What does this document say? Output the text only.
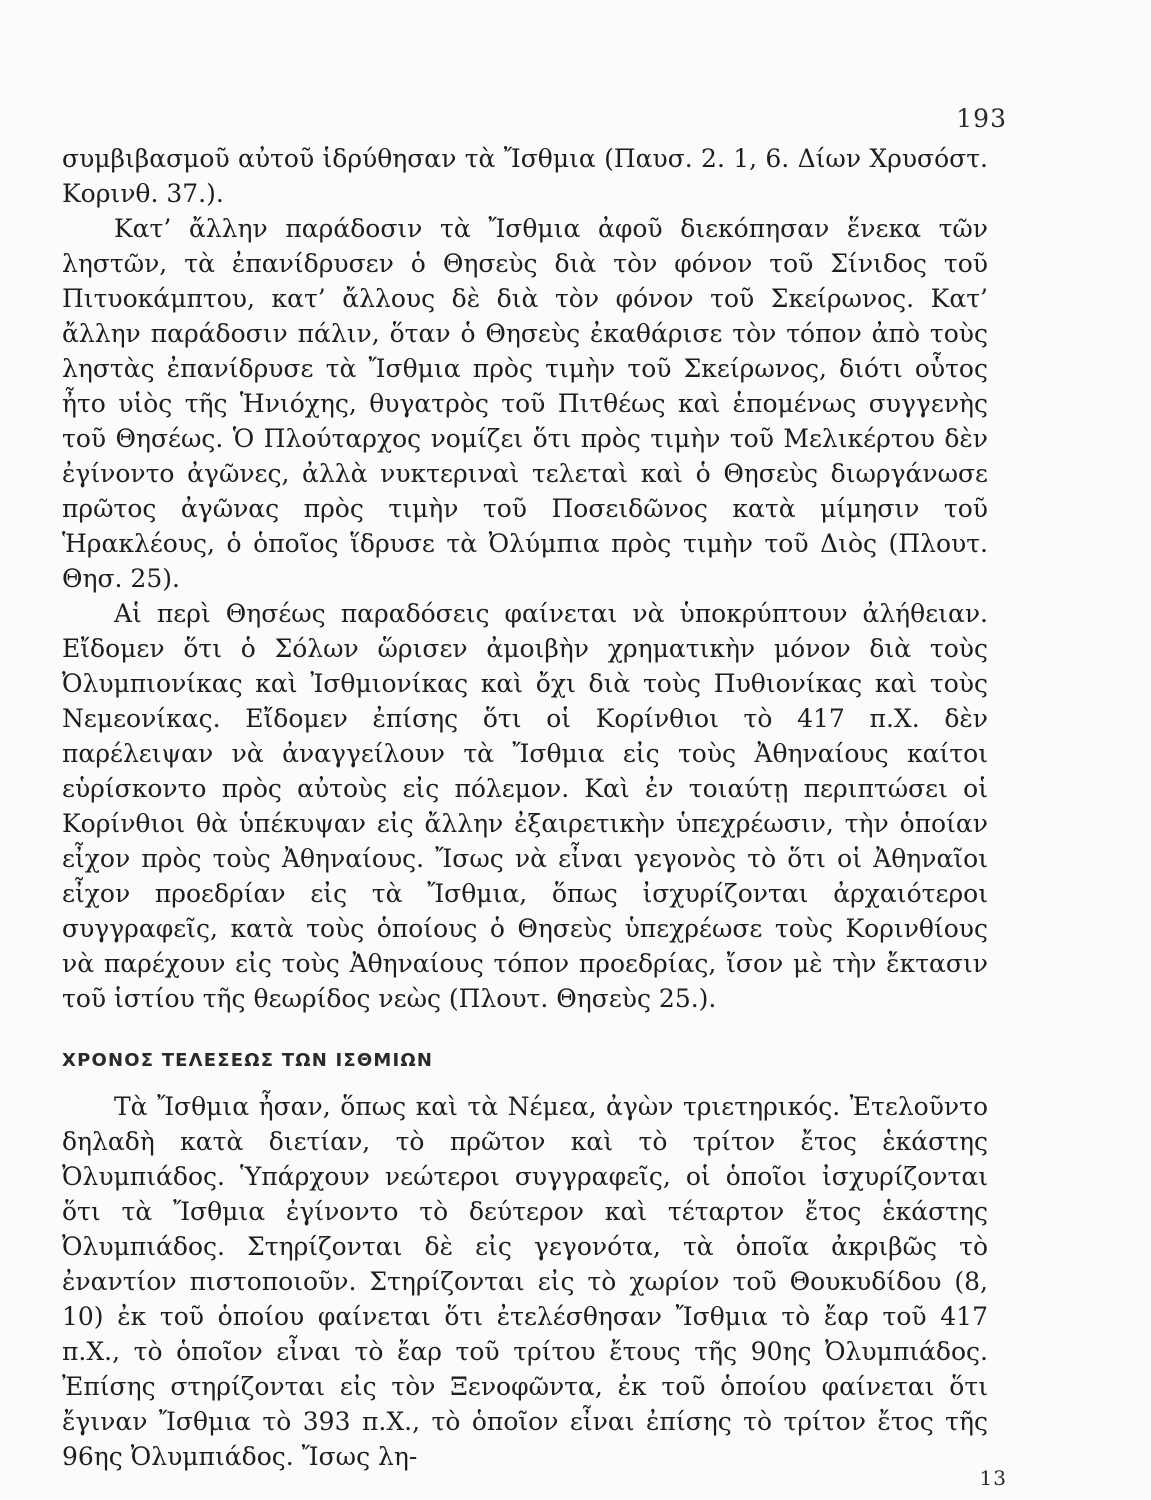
193

συμβιβασμοῦ αὐτοῦ ἱδρύθησαν τὰ Ἴσθμια (Παυσ. 2. 1, 6. Δίων Χρυσόστ. Κορινθ. 37.).

Κατ’ ἄλλην παράδοσιν τὰ Ἴσθμια ἀφοῦ διεκόπησαν ἕνεκα τῶν ληστῶν, τὰ ἐπανίδρυσεν ὁ Θησεὺς διὰ τὸν φόνον τοῦ Σίνιδος τοῦ Πιτυοκάμπτου, κατ’ ἄλλους δὲ διὰ τὸν φόνον τοῦ Σκείρωνος. Κατ’ ἄλλην παράδοσιν πάλιν, ὅταν ὁ Θησεὺς ἐκαθάρισε τὸν τόπον ἀπὸ τοὺς ληστὰς ἐπανίδρυσε τὰ Ἴσθμια πρὸς τιμὴν τοῦ Σκείρωνος, διότι οὗτος ἦτο υἱὸς τῆς Ἡνιόχης, θυγατρὸς τοῦ Πιτθέως καὶ ἑπομένως συγγενὴς τοῦ Θησέως. Ὁ Πλούταρχος νομίζει ὅτι πρὸς τιμὴν τοῦ Μελικέρτου δὲν ἐγίνοντο ἀγῶνες, ἀλλὰ νυκτεριναὶ τελεταὶ καὶ ὁ Θησεὺς διωργάνωσε πρῶτος ἀγῶνας πρὸς τιμὴν τοῦ Ποσειδῶνος κατὰ μίμησιν τοῦ Ἡρακλέους, ὁ ὁποῖος ἵδρυσε τὰ Ὀλύμπια πρὸς τιμὴν τοῦ Διὸς (Πλουτ. Θησ. 25).

Αἱ περὶ Θησέως παραδόσεις φαίνεται νὰ ὑποκρύπτουν ἀλήθειαν. Εἴδομεν ὅτι ὁ Σόλων ὥρισεν ἀμοιβὴν χρηματικὴν μόνον διὰ τοὺς Ὀλυμπιονίκας καὶ Ἰσθμιονίκας καὶ ὄχι διὰ τοὺς Πυθιονίκας καὶ τοὺς Νεμεονίκας. Εἴδομεν ἐπίσης ὅτι οἱ Κορίνθιοι τὸ 417 π.Χ. δὲν παρέλειψαν νὰ ἀναγγείλουν τὰ Ἴσθμια εἰς τοὺς Ἀθηναίους καίτοι εὑρίσκοντο πρὸς αὐτοὺς εἰς πόλεμον. Καὶ ἐν τοιαύτῃ περιπτώσει οἱ Κορίνθιοι θὰ ὑπέκυψαν εἰς ἄλλην ἐξαιρετικὴν ὑπεχρέωσιν, τὴν ὁποίαν εἶχον πρὸς τοὺς Ἀθηναίους. Ἴσως νὰ εἶναι γεγονὸς τὸ ὅτι οἱ Ἀθηναῖοι εἶχον προεδρίαν εἰς τὰ Ἴσθμια, ὅπως ἰσχυρίζονται ἀρχαιότεροι συγγραφεῖς, κατὰ τοὺς ὁποίους ὁ Θησεὺς ὑπεχρέωσε τοὺς Κορινθίους νὰ παρέχουν εἰς τοὺς Ἀθηναίους τόπον προεδρίας, ἴσον μὲ τὴν ἔκτασιν τοῦ ἱστίου τῆς θεωρίδος νεὼς (Πλουτ. Θησεὺς 25.).

ΧΡΟΝΟΣ ΤΕΛΕΣΕΩΣ ΤΩΝ ΙΣΘΜΙΩΝ

Τὰ Ἴσθμια ἦσαν, ὅπως καὶ τὰ Νέμεα, ἀγὼν τριετηρικός. Ἐτελοῦντο δηλαδὴ κατὰ διετίαν, τὸ πρῶτον καὶ τὸ τρίτον ἔτος ἑκάστης Ὀλυμπιάδος. Ὑπάρχουν νεώτεροι συγγραφεῖς, οἱ ὁποῖοι ἰσχυρίζονται ὅτι τὰ Ἴσθμια ἐγίνοντο τὸ δεύτερον καὶ τέταρτον ἔτος ἑκάστης Ὀλυμπιάδος. Στηρίζονται δὲ εἰς γεγονότα, τὰ ὁποῖα ἀκριβῶς τὸ ἐναντίον πιστοποιοῦν. Στηρίζονται εἰς τὸ χωρίον τοῦ Θουκυδίδου (8, 10) ἐκ τοῦ ὁποίου φαίνεται ὅτι ἐτελέσθησαν Ἴσθμια τὸ ἔαρ τοῦ 417 π.Χ., τὸ ὁποῖον εἶναι τὸ ἔαρ τοῦ τρίτου ἔτους τῆς 90ης Ὀλυμπιάδος. Ἐπίσης στηρίζονται εἰς τὸν Ξενοφῶντα, ἐκ τοῦ ὁποίου φαίνεται ὅτι ἔγιναν Ἴσθμια τὸ 393 π.Χ., τὸ ὁποῖον εἶναι ἐπίσης τὸ τρίτον ἔτος τῆς 96ης Ὀλυμπιάδος. Ἴσως λη-

13
